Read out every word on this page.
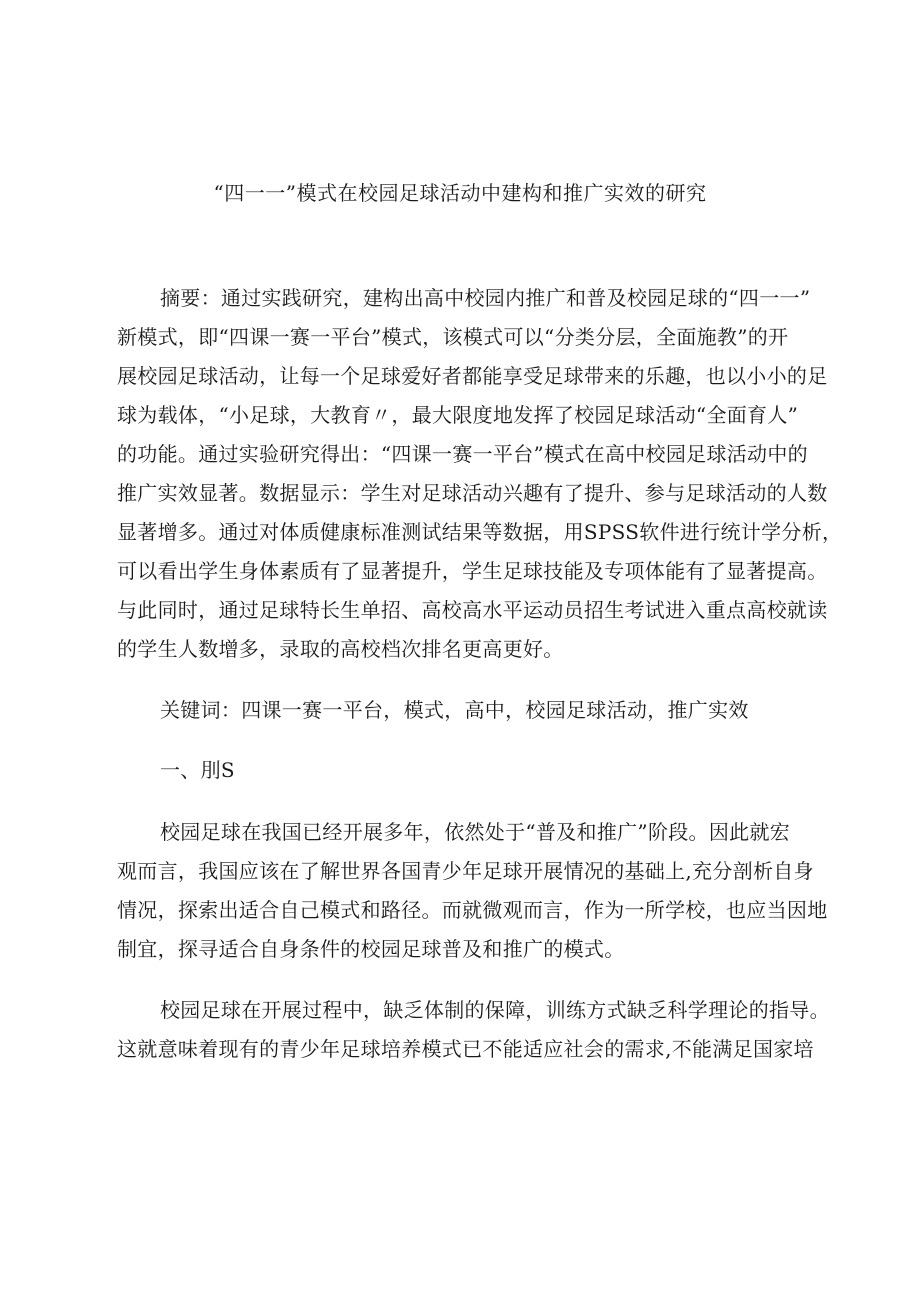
“四一一”模式在校园足球活动中建构和推广实效的研究
摘要：通过实践研究，建构出高中校园内推广和普及校园足球的“四一一”
新模式，即“四课一赛一平台”模式，该模式可以“分类分层，全面施教”的开
展校园足球活动，让每一个足球爱好者都能享受足球带来的乐趣，也以小小的足
球为载体，“小足球，大教育〃，最大限度地发挥了校园足球活动“全面育人”
的功能。通过实验研究得出：“四课一赛一平台”模式在高中校园足球活动中的
推广实效显著。数据显示：学生对足球活动兴趣有了提升、参与足球活动的人数
显著增多。通过对体质健康标准测试结果等数据，用SPSS软件进行统计学分析，
可以看出学生身体素质有了显著提升，学生足球技能及专项体能有了显著提高。
与此同时，通过足球特长生单招、高校高水平运动员招生考试进入重点高校就读
的学生人数增多，录取的高校档次排名更高更好。
关键词：四课一赛一平台，模式，高中，校园足球活动，推广实效
一、刖S
校园足球在我国已经开展多年，依然处于“普及和推广”阶段。因此就宏
观而言，我国应该在了解世界各国青少年足球开展情况的基础上,充分剖析自身
情况，探索出适合自己模式和路径。而就微观而言，作为一所学校，也应当因地
制宜，探寻适合自身条件的校园足球普及和推广的模式。
校园足球在开展过程中，缺乏体制的保障，训练方式缺乏科学理论的指导。
这就意味着现有的青少年足球培养模式已不能适应社会的需求,不能满足国家培
